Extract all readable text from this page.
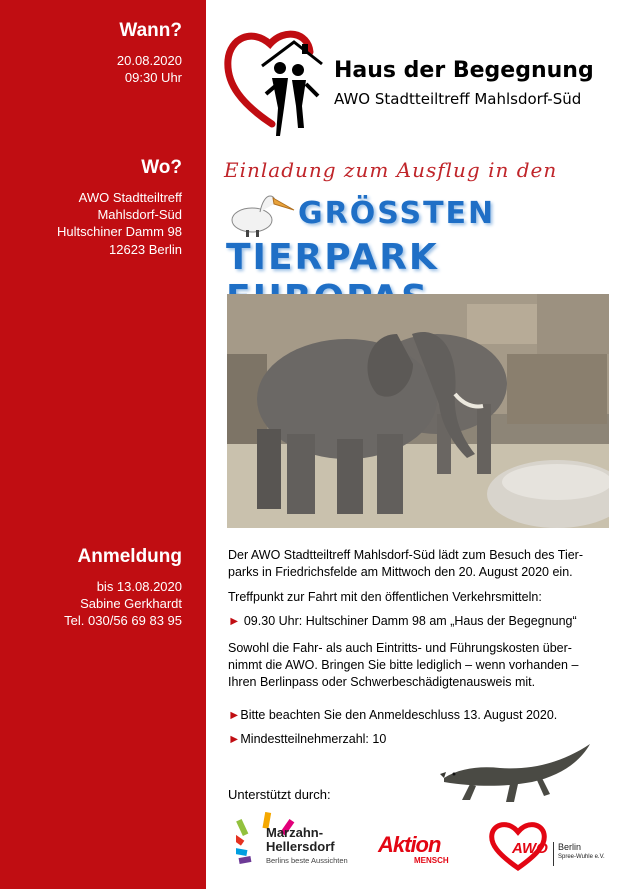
Wann?
20.08.2020
09:30 Uhr
Wo?
AWO Stadtteiltreff
Mahlsdorf-Süd
Hultschiner Damm 98
12623 Berlin
Anmeldung
bis 13.08.2020
Sabine Gerkhardt
Tel. 030/56 69 83 95
Haus der Begegnung
AWO Stadtteiltreff Mahlsdorf-Süd
Einladung zum Ausflug in den
GRÖSSTEN
TIERPARK
Der AWO Stadtteiltreff Mahlsdorf-Süd lädt zum Besuch des Tier-parks in Friedrichsfelde am Mittwoch den 20. August 2020 ein.
Treffpunkt zur Fahrt mit den öffentlichen Verkehrsmitteln:
► 09.30 Uhr: Hultschiner Damm 98 am „Haus der Begegnung“
Sowohl die Fahr- als auch Eintritts- und Führungskosten über-nimmt die AWO. Bringen Sie bitte lediglich – wenn vorhanden – Ihren Berlinpass oder Schwerbeschädigtenausweis mit.
►Bitte beachten Sie den Anmeldeschluss 13. August 2020.
►Mindestteilnehmerzahl: 10
Unterstützt durch:
Marzahn-
Hellersdorf
Berlins beste Aussichten
Aktion
MENSCH
AWO Berlin
Spree-Wuhle e.V.
